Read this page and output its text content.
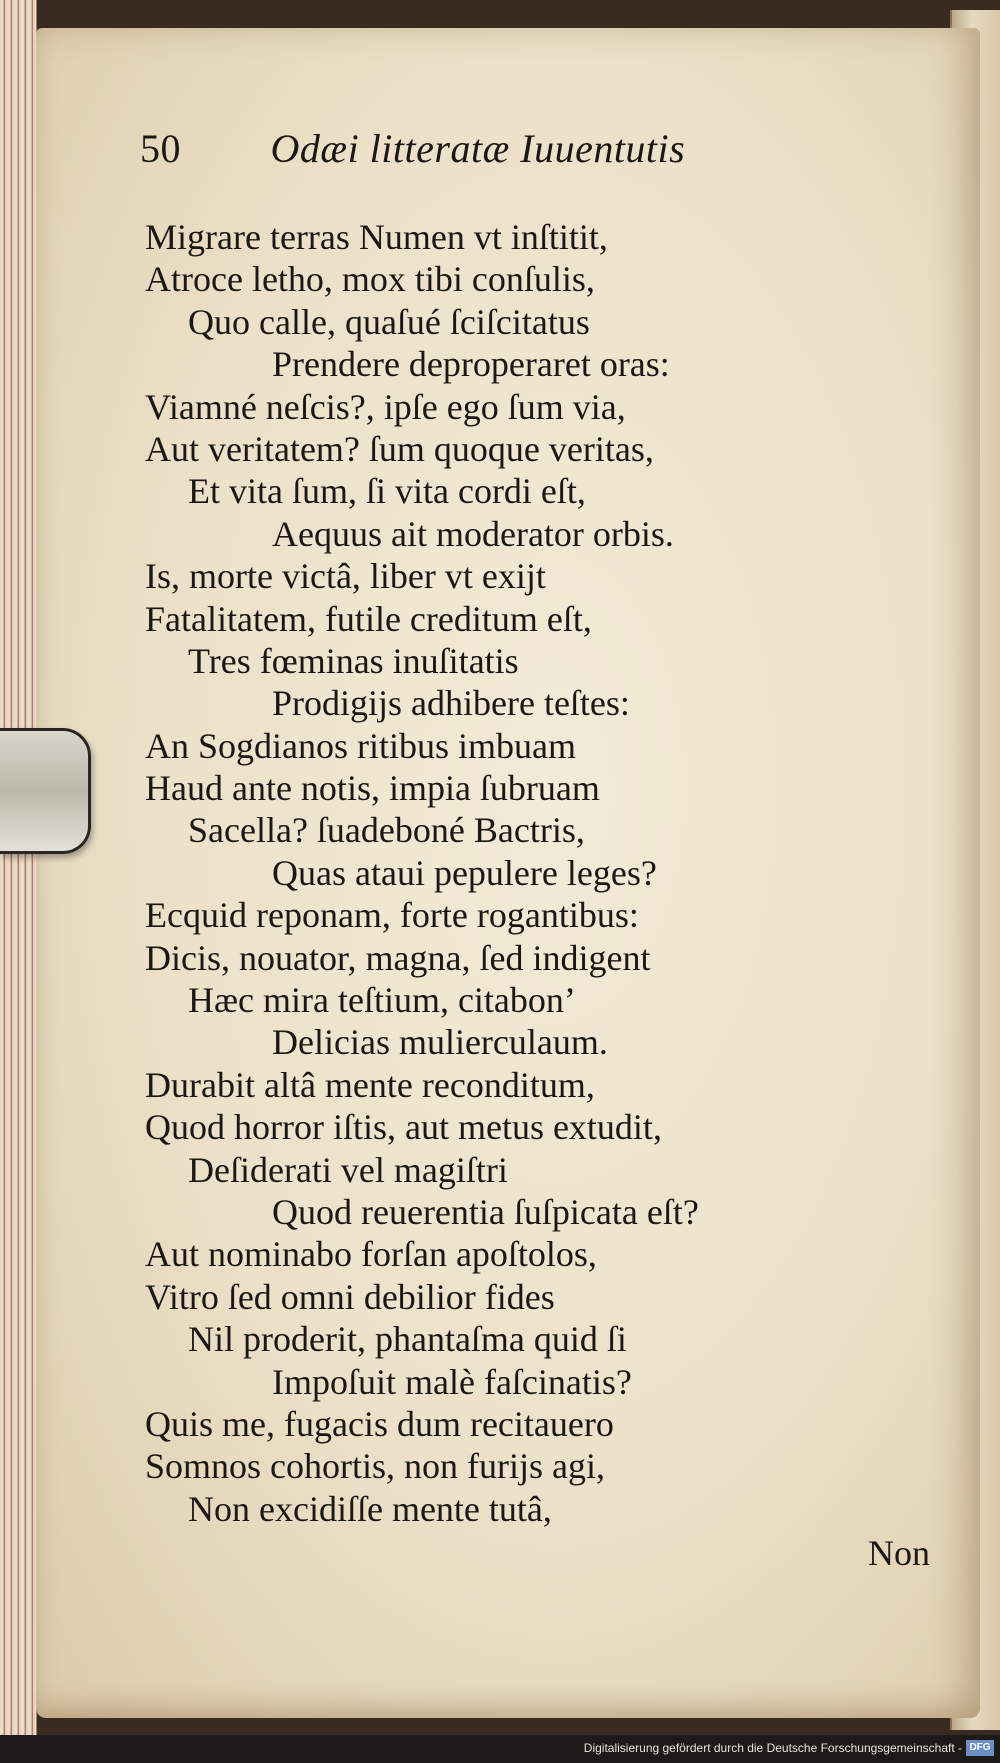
50 Odæi litteratæ Iuuentutis
Migrare terras Numen vt inſtitit,
Atroce letho, mox tibi conſulis,
Quo calle, quaſué ſciſcitatus
Prendere deproperaret oras:
Viamné neſcis?, ipſe ego ſum via,
Aut veritatem? ſum quoque veritas,
Et vita ſum, ſi vita cordi eſt,
Aequus ait moderator orbis.
Is, morte victâ, liber vt exijt
Fatalitatem, futile creditum eſt,
Tres fœminas inuſitatis
Prodigijs adhibere teſtes:
An Sogdianos ritibus imbuam
Haud ante notis, impia ſubruam
Sacella? ſuadeboné Bactris,
Quas ataui pepulere leges?
Ecquid reponam, forte rogantibus:
Dicis, nouator, magna, ſed indigent
Hæc mira teſtium, citabon’
Delicias mulierculaum.
Durabit altâ mente reconditum,
Quod horror iſtis, aut metus extudit,
Deſiderati vel magiſtri
Quod reuerentia ſuſpicata eſt?
Aut nominabo forſan apoſtolos,
Vitro ſed omni debilior fides
Nil proderit, phantaſma quid ſi
Impoſuit malè faſcinatis?
Quis me, fugacis dum recitauero
Somnos cohortis, non furijs agi,
Non excidiſſe mente tutâ,
Non
Digitalisierung gefördert durch die Deutsche Forschungsgemeinschaft - DFG
